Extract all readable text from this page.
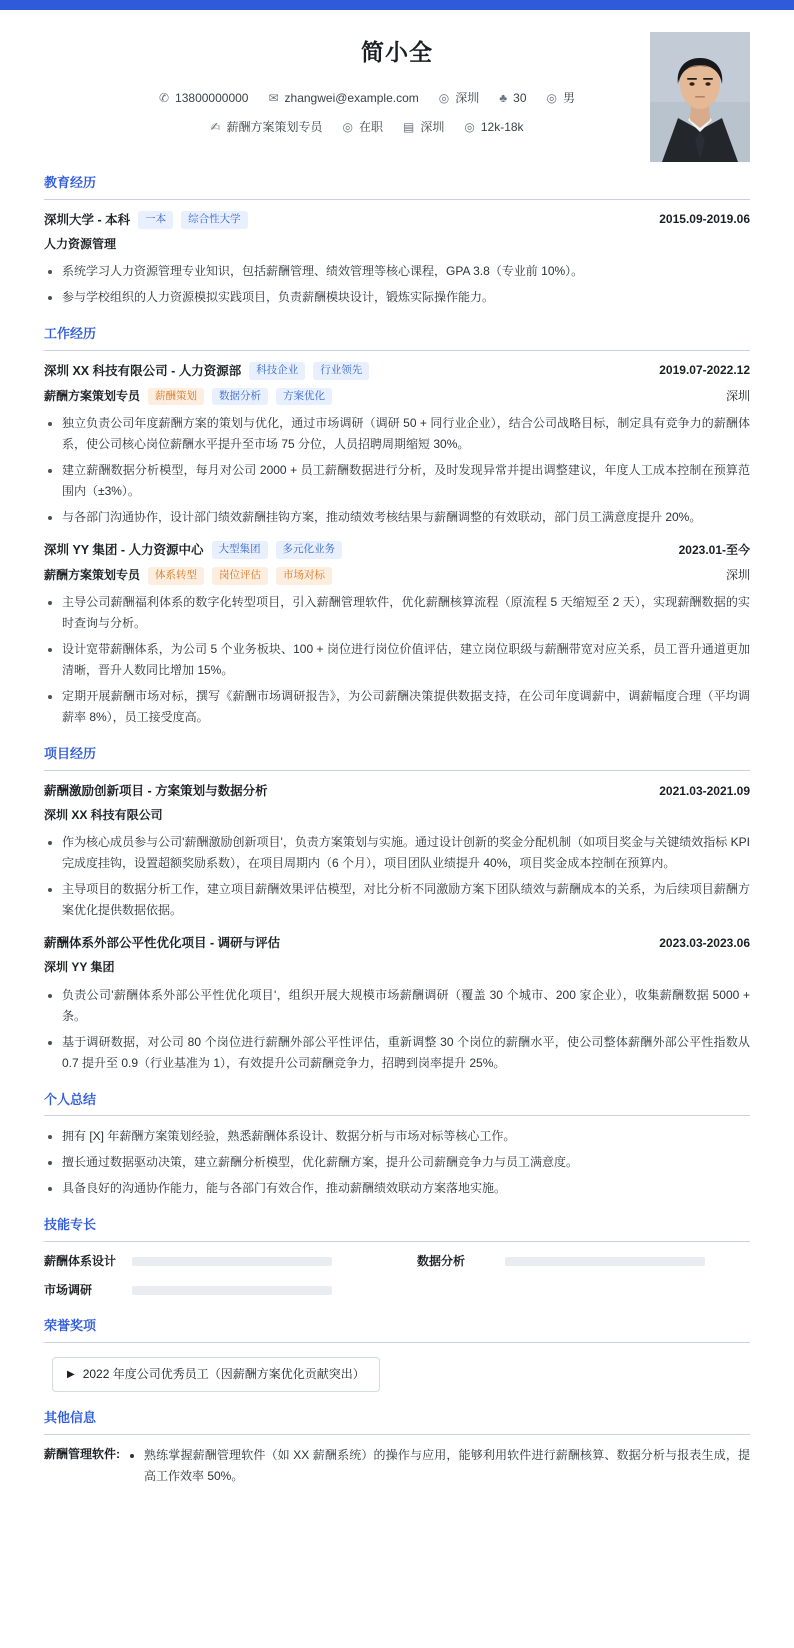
简小全
✆ 13800000000 ✉ zhangwei@example.com ◎ 深圳 ♣ 30 ◎ 男
✍ 薪酬方案策划专员 ◎ 在职 ▤ 深圳 ◎ 12k-18k
教育经历
深圳大学 - 本科	一本	综合性大学	2015.09-2019.06
人力资源管理
• 系统学习人力资源管理专业知识，包括薪酬管理、绩效管理等核心课程，GPA 3.8（专业前 10%）。
• 参与学校组织的人力资源模拟实践项目，负责薪酬模块设计，锻炼实际操作能力。
工作经历
深圳 XX 科技有限公司 - 人力资源部	科技企业	行业领先	2019.07-2022.12
薪酬方案策划专员	薪酬策划	数据分析	方案优化	深圳
• 独立负责公司年度薪酬方案的策划与优化，通过市场调研（调研 50 + 同行业企业），结合公司战略目标，制定具有竞争力的薪酬体系，使公司核心岗位薪酬水平提升至市场 75 分位，人员招聘周期缩短 30%。
• 建立薪酬数据分析模型，每月对公司 2000 + 员工薪酬数据进行分析，及时发现异常并提出调整建议，年度人工成本控制在预算范围内（±3%）。
• 与各部门沟通协作，设计部门绩效薪酬挂钩方案，推动绩效考核结果与薪酬调整的有效联动，部门员工满意度提升 20%。
深圳 YY 集团 - 人力资源中心	大型集团	多元化业务	2023.01-至今
薪酬方案策划专员	体系转型	岗位评估	市场对标	深圳
• 主导公司薪酬福利体系的数字化转型项目，引入薪酬管理软件，优化薪酬核算流程（原流程 5 天缩短至 2 天），实现薪酬数据的实时查询与分析。
• 设计宽带薪酬体系，为公司 5 个业务板块、100 + 岗位进行岗位价值评估，建立岗位职级与薪酬带宽对应关系，员工晋升通道更加清晰，晋升人数同比增加 15%。
• 定期开展薪酬市场对标，撰写《薪酬市场调研报告》，为公司薪酬决策提供数据支持，在公司年度调薪中，调薪幅度合理（平均调薪率 8%），员工接受度高。
项目经历
薪酬激励创新项目 - 方案策划与数据分析	2021.03-2021.09
深圳 XX 科技有限公司
• 作为核心成员参与公司'薪酬激励创新项目'，负责方案策划与实施。通过设计创新的奖金分配机制（如项目奖金与关键绩效指标 KPI 完成度挂钩，设置超额奖励系数），在项目周期内（6 个月），项目团队业绩提升 40%，项目奖金成本控制在预算内。
• 主导项目的数据分析工作，建立项目薪酬效果评估模型，对比分析不同激励方案下团队绩效与薪酬成本的关系，为后续项目薪酬方案优化提供数据依据。
薪酬体系外部公平性优化项目 - 调研与评估	2023.03-2023.06
深圳 YY 集团
• 负责公司'薪酬体系外部公平性优化项目'，组织开展大规模市场薪酬调研（覆盖 30 个城市、200 家企业），收集薪酬数据 5000 + 条。
• 基于调研数据，对公司 80 个岗位进行薪酬外部公平性评估，重新调整 30 个岗位的薪酬水平，使公司整体薪酬外部公平性指数从 0.7 提升至 0.9（行业基准为 1），有效提升公司薪酬竞争力，招聘到岗率提升 25%。
个人总结
• 拥有 [X] 年薪酬方案策划经验，熟悉薪酬体系设计、数据分析与市场对标等核心工作。
• 擅长通过数据驱动决策，建立薪酬分析模型，优化薪酬方案，提升公司薪酬竞争力与员工满意度。
• 具备良好的沟通协作能力，能与各部门有效合作，推动薪酬绩效联动方案落地实施。
技能专长
薪酬体系设计	数据分析
市场调研
荣誉奖项
▶ 2022 年度公司优秀员工（因薪酬方案优化贡献突出）
其他信息
薪酬管理软件: • 熟练掌握薪酬管理软件（如 XX 薪酬系统）的操作与应用，能够利用软件进行薪酬核算、数据分析与报表生成，提高工作效率 50%。
